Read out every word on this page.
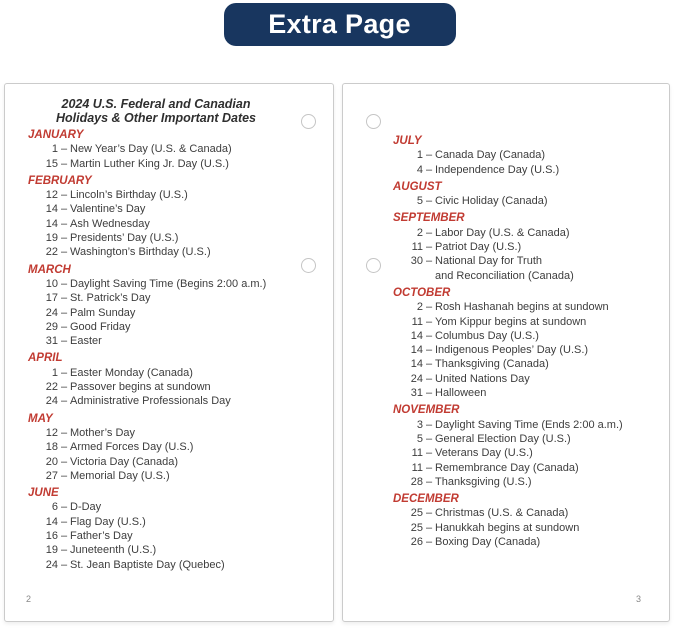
Extra Page
2024 U.S. Federal and Canadian
Holidays & Other Important Dates
JANUARY
1 – New Year’s Day (U.S. & Canada)
15 – Martin Luther King Jr. Day (U.S.)
FEBRUARY
12 – Lincoln’s Birthday (U.S.)
14 – Valentine’s Day
14 – Ash Wednesday
19 – Presidents’ Day (U.S.)
22 – Washington’s Birthday (U.S.)
MARCH
10 – Daylight Saving Time (Begins 2:00 a.m.)
17 – St. Patrick’s Day
24 – Palm Sunday
29 – Good Friday
31 – Easter
APRIL
1 – Easter Monday (Canada)
22 – Passover begins at sundown
24 – Administrative Professionals Day
MAY
12 – Mother’s Day
18 – Armed Forces Day (U.S.)
20 – Victoria Day (Canada)
27 – Memorial Day (U.S.)
JUNE
6 – D-Day
14 – Flag Day (U.S.)
16 – Father’s Day
19 – Juneteenth (U.S.)
24 – St. Jean Baptiste Day (Quebec)
2
JULY
1 – Canada Day (Canada)
4 – Independence Day (U.S.)
AUGUST
5 – Civic Holiday (Canada)
SEPTEMBER
2 – Labor Day (U.S. & Canada)
11 – Patriot Day (U.S.)
30 – National Day for Truth
and Reconciliation (Canada)
OCTOBER
2 – Rosh Hashanah begins at sundown
11 – Yom Kippur begins at sundown
14 – Columbus Day (U.S.)
14 – Indigenous Peoples’ Day (U.S.)
14 – Thanksgiving (Canada)
24 – United Nations Day
31 – Halloween
NOVEMBER
3 – Daylight Saving Time (Ends 2:00 a.m.)
5 – General Election Day (U.S.)
11 – Veterans Day (U.S.)
11 – Remembrance Day (Canada)
28 – Thanksgiving (U.S.)
DECEMBER
25 – Christmas (U.S. & Canada)
25 – Hanukkah begins at sundown
26 – Boxing Day (Canada)
3
